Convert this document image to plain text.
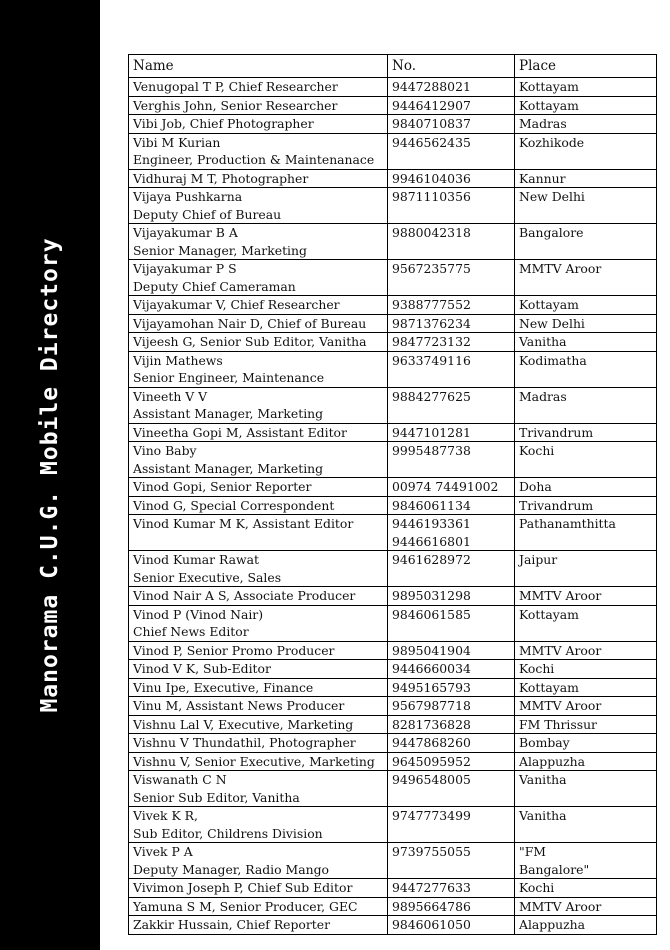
Manorama C.U.G. Mobile Directory
Name	No.	Place

Venugopal T P, Chief Researcher	9447288021	Kottayam

Verghis John, Senior Researcher	9446412907	Kottayam

Vibi Job, Chief Photographer	9840710837	Madras

Vibi M Kurian
Engineer, Production & Maintenanace	9446562435	Kozhikode

Vidhuraj M T, Photographer	9946104036	Kannur

Vijaya Pushkarna
Deputy Chief of Bureau	9871110356	New Delhi

Vijayakumar B A
Senior Manager, Marketing	9880042318	Bangalore

Vijayakumar P S
Deputy Chief Cameraman	9567235775	MMTV Aroor

Vijayakumar V, Chief Researcher	9388777552	Kottayam

Vijayamohan Nair D, Chief of Bureau	9871376234	New Delhi

Vijeesh G, Senior Sub Editor, Vanitha	9847723132	Vanitha

Vijin Mathews
Senior Engineer, Maintenance	9633749116	Kodimatha

Vineeth V V
Assistant Manager, Marketing	9884277625	Madras

Vineetha Gopi M, Assistant Editor	9447101281	Trivandrum

Vino Baby
Assistant Manager, Marketing	9995487738	Kochi

Vinod Gopi, Senior Reporter	00974 74491002	Doha

Vinod G, Special Correspondent	9846061134	Trivandrum

Vinod Kumar M K, Assistant Editor	9446193361
9446616801	Pathanamthitta

Vinod Kumar Rawat
Senior Executive, Sales	9461628972	Jaipur

Vinod Nair A S, Associate Producer	9895031298	MMTV Aroor

Vinod P (Vinod Nair)
Chief News Editor	9846061585	Kottayam

Vinod P, Senior Promo Producer	9895041904	MMTV Aroor

Vinod V K, Sub-Editor	9446660034	Kochi

Vinu Ipe, Executive, Finance	9495165793	Kottayam

Vinu M, Assistant News Producer	9567987718	MMTV Aroor

Vishnu Lal V, Executive, Marketing	8281736828	FM Thrissur

Vishnu V Thundathil, Photographer	9447868260	Bombay

Vishnu V, Senior Executive, Marketing	9645095952	Alappuzha

Viswanath C N
Senior Sub Editor, Vanitha	9496548005	Vanitha

Vivek K R,
Sub Editor, Childrens Division	9747773499	Vanitha

Vivek P A
Deputy Manager, Radio Mango	9739755055	"FM
Bangalore"

Vivimon Joseph P, Chief Sub Editor	9447277633	Kochi

Yamuna S M, Senior Producer, GEC	9895664786	MMTV Aroor

Zakkir Hussain, Chief Reporter	9846061050	Alappuzha
